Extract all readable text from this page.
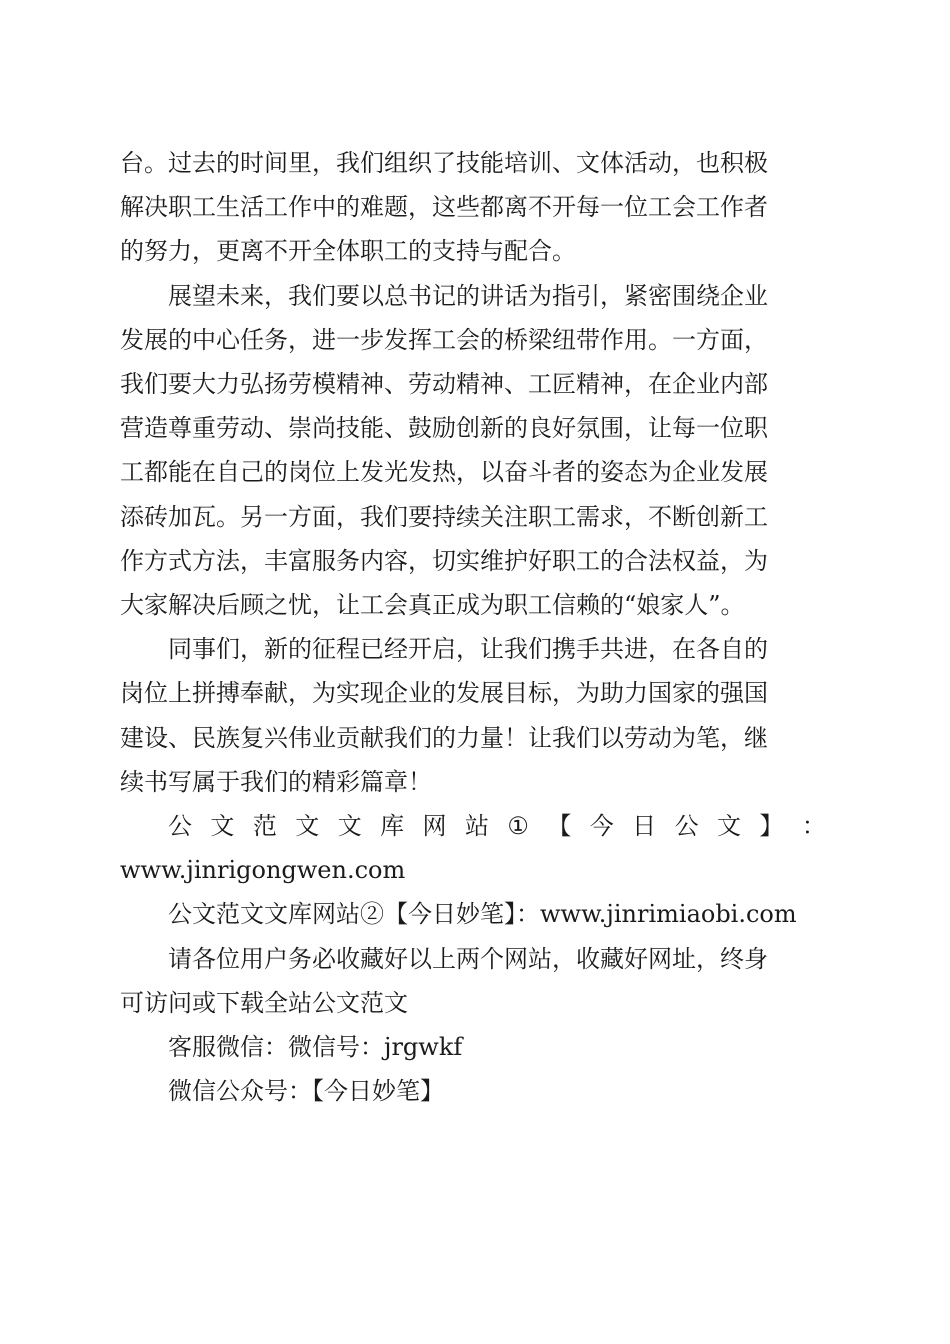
台。过去的时间里，我们组织了技能培训、文体活动，也积极
解决职工生活工作中的难题，这些都离不开每一位工会工作者
的努力，更离不开全体职工的支持与配合。

展望未来，我们要以总书记的讲话为指引，紧密围绕企业
发展的中心任务，进一步发挥工会的桥梁纽带作用。一方面，
我们要大力弘扬劳模精神、劳动精神、工匠精神，在企业内部
营造尊重劳动、崇尚技能、鼓励创新的良好氛围，让每一位职
工都能在自己的岗位上发光发热，以奋斗者的姿态为企业发展
添砖加瓦。另一方面，我们要持续关注职工需求，不断创新工
作方式方法，丰富服务内容，切实维护好职工的合法权益，为
大家解决后顾之忧，让工会真正成为职工信赖的“娘家人”。

同事们，新的征程已经开启，让我们携手共进，在各自的
岗位上拼搏奉献，为实现企业的发展目标，为助力国家的强国
建设、民族复兴伟业贡献我们的力量！让我们以劳动为笔，继
续书写属于我们的精彩篇章！

公 文 范 文 文 库 网 站 ① 【 今 日 公 文 】 ：

www.jinrigongwen.com

公文范文文库网站②【今日妙笔】：www.jinrimiaobi.com

请各位用户务必收藏好以上两个网站，收藏好网址，终身
可访问或下载全站公文范文

客服微信：微信号：jrgwkf

微信公众号：【今日妙笔】
